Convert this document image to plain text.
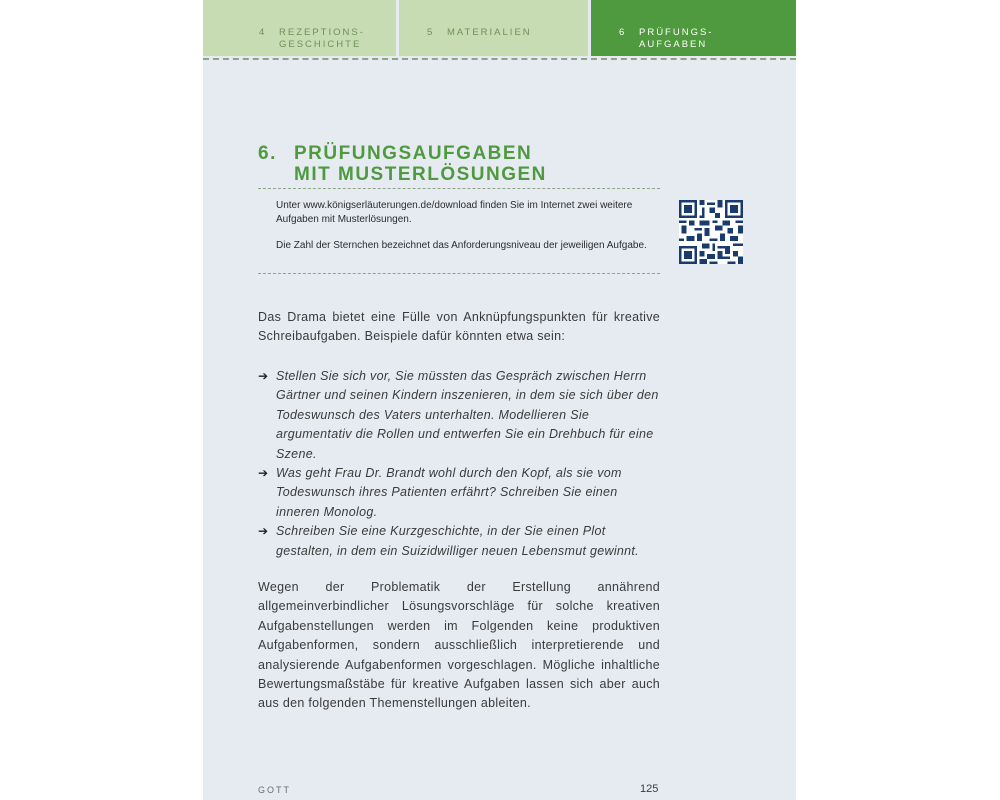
4 REZEPTIONS-
GESCHICHTE
5 MATERIALIEN	6 PRÜFUNGS-
AUFGABEN
6. PRÜFUNGSAUFGABEN
MIT MUSTERLÖSUNGEN

Unter www.königserläuterungen.de/download finden Sie im Internet zwei weitere Aufgaben mit Musterlösungen.

Die Zahl der Sternchen bezeichnet das Anforderungsniveau der jeweiligen Aufgabe.

Das Drama bietet eine Fülle von Anknüpfungspunkten für kreative Schreibaufgaben. Beispiele dafür könnten etwa sein:

➔ Stellen Sie sich vor, Sie müssten das Gespräch zwischen Herrn Gärtner und seinen Kindern inszenieren, in dem sie sich über den Todeswunsch des Vaters unterhalten. Modellieren Sie argumentativ die Rollen und entwerfen Sie ein Drehbuch für eine Szene.
➔ Was geht Frau Dr. Brandt wohl durch den Kopf, als sie vom Todeswunsch ihres Patienten erfährt? Schreiben Sie einen inneren Monolog.
➔ Schreiben Sie eine Kurzgeschichte, in der Sie einen Plot gestalten, in dem ein Suizidwilliger neuen Lebensmut gewinnt.

Wegen der Problematik der Erstellung annährend allgemeinverbindlicher Lösungsvorschläge für solche kreativen Aufgabenstellungen werden im Folgenden keine produktiven Aufgabenformen, sondern ausschließlich interpretierende und analysierende Aufgabenformen vorgeschlagen. Mögliche inhaltliche Bewertungsmaßstäbe für kreative Aufgaben lassen sich aber auch aus den folgenden Themenstellungen ableiten.

GOTT	125
